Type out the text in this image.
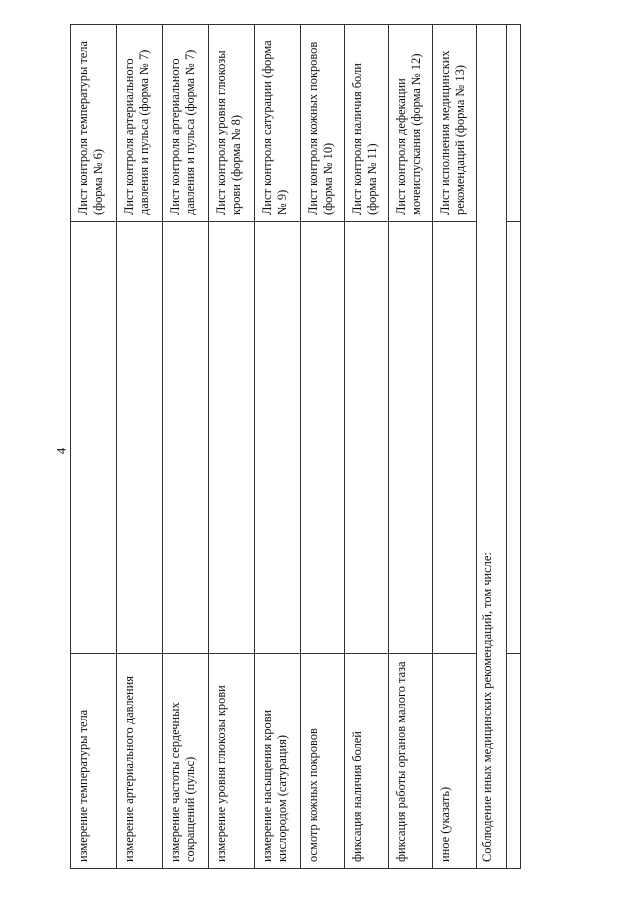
4
измерение температуры тела		Лист контроля температуры тела (форма № 6)
измерение артериального давления		Лист контроля артериального давления и пульса (форма № 7)
измерение частоты сердечных сокращений (пульс)		Лист контроля артериального давления и пульса (форма № 7)
измерение уровня глюкозы крови		Лист контроля уровня глюкозы крови (форма № 8)
измерение насыщения крови кислородом (сатурация)		Лист контроля сатурации (форма № 9)
осмотр кожных покровов		Лист контроля кожных покровов (форма № 10)
фиксация наличия болей		Лист контроля наличия боли (форма № 11)
фиксация работы органов малого таза		Лист контроля дефекации мочеиспускания (форма № 12)
иное (указать)		Лист исполнения медицинских рекомендаций (форма № 13)
Соблюдение иных медицинских рекомендаций, том числе:		
